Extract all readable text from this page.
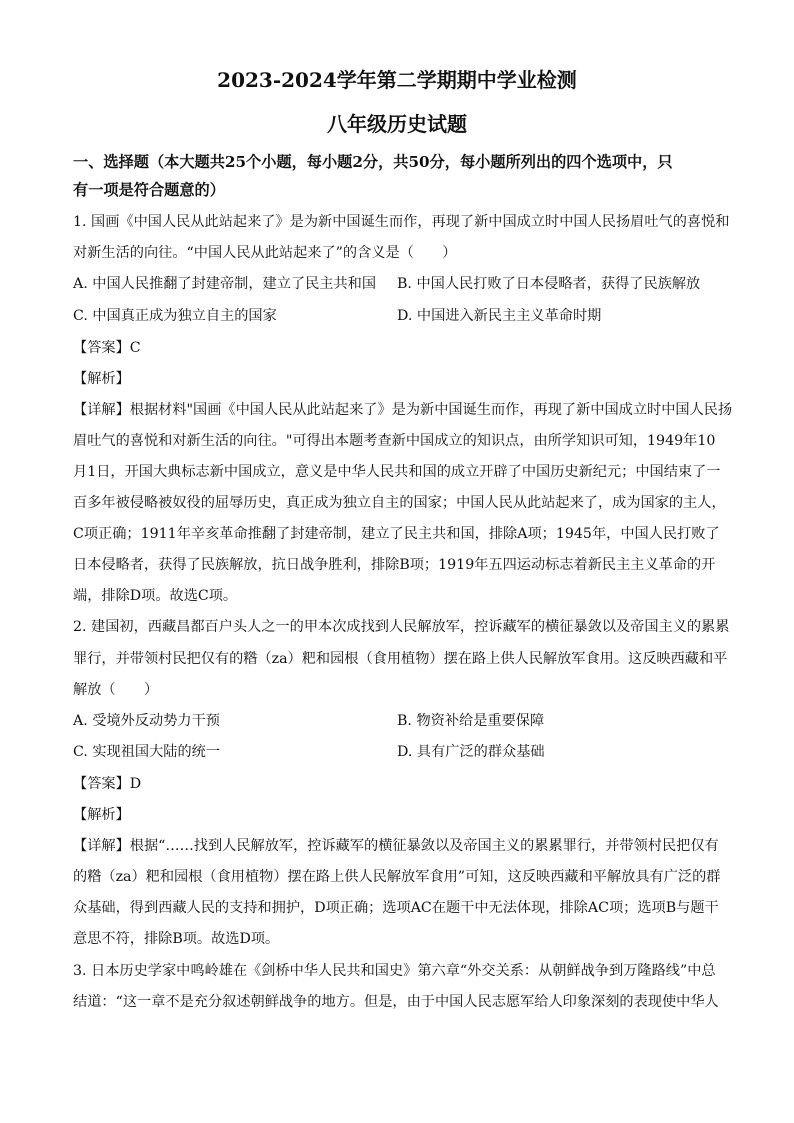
2023-2024学年第二学期期中学业检测
八年级历史试题
一、选择题（本大题共25个小题，每小题2分，共50分，每小题所列出的四个选项中，只
有一项是符合题意的）
1. 国画《中国人民从此站起来了》是为新中国诞生而作，再现了新中国成立时中国人民扬眉吐气的喜悦和
对新生活的向往。“中国人民从此站起来了”的含义是（　　）
A. 中国人民推翻了封建帝制，建立了民主共和国 B. 中国人民打败了日本侵略者，获得了民族解放
C. 中国真正成为独立自主的国家	D. 中国进入新民主主义革命时期
【答案】C
【解析】
【详解】根据材料"国画《中国人民从此站起来了》是为新中国诞生而作，再现了新中国成立时中国人民扬
眉吐气的喜悦和对新生活的向往。"可得出本题考查新中国成立的知识点，由所学知识可知，1949年10
月1日，开国大典标志新中国成立，意义是中华人民共和国的成立开辟了中国历史新纪元；中国结束了一
百多年被侵略被奴役的屈辱历史，真正成为独立自主的国家；中国人民从此站起来了，成为国家的主人，
C项正确；1911年辛亥革命推翻了封建帝制，建立了民主共和国，排除A项；1945年，中国人民打败了
日本侵略者，获得了民族解放，抗日战争胜利，排除B项；1919年五四运动标志着新民主主义革命的开
端，排除D项。故选C项。
2. 建国初，西藏昌都百户头人之一的甲本次成找到人民解放军，控诉藏军的横征暴敛以及帝国主义的累累
罪行，并带领村民把仅有的糌（za）粑和园根（食用植物）摆在路上供人民解放军食用。这反映西藏和平
解放（　　）
A. 受境外反动势力干预	B. 物资补给是重要保障
C. 实现祖国大陆的统一	D. 具有广泛的群众基础
【答案】D
【解析】
【详解】根据“……找到人民解放军，控诉藏军的横征暴敛以及帝国主义的累累罪行，并带领村民把仅有
的糌（za）粑和园根（食用植物）摆在路上供人民解放军食用”可知，这反映西藏和平解放具有广泛的群
众基础，得到西藏人民的支持和拥护，D项正确；选项AC在题干中无法体现，排除AC项；选项B与题干
意思不符，排除B项。故选D项。
3. 日本历史学家中鸣岭雄在《剑桥中华人民共和国史》第六章“外交关系：从朝鲜战争到万隆路线”中总
结道：“这一章不是充分叙述朝鲜战争的地方。但是，由于中国人民志愿军给人印象深刻的表现使中华人
